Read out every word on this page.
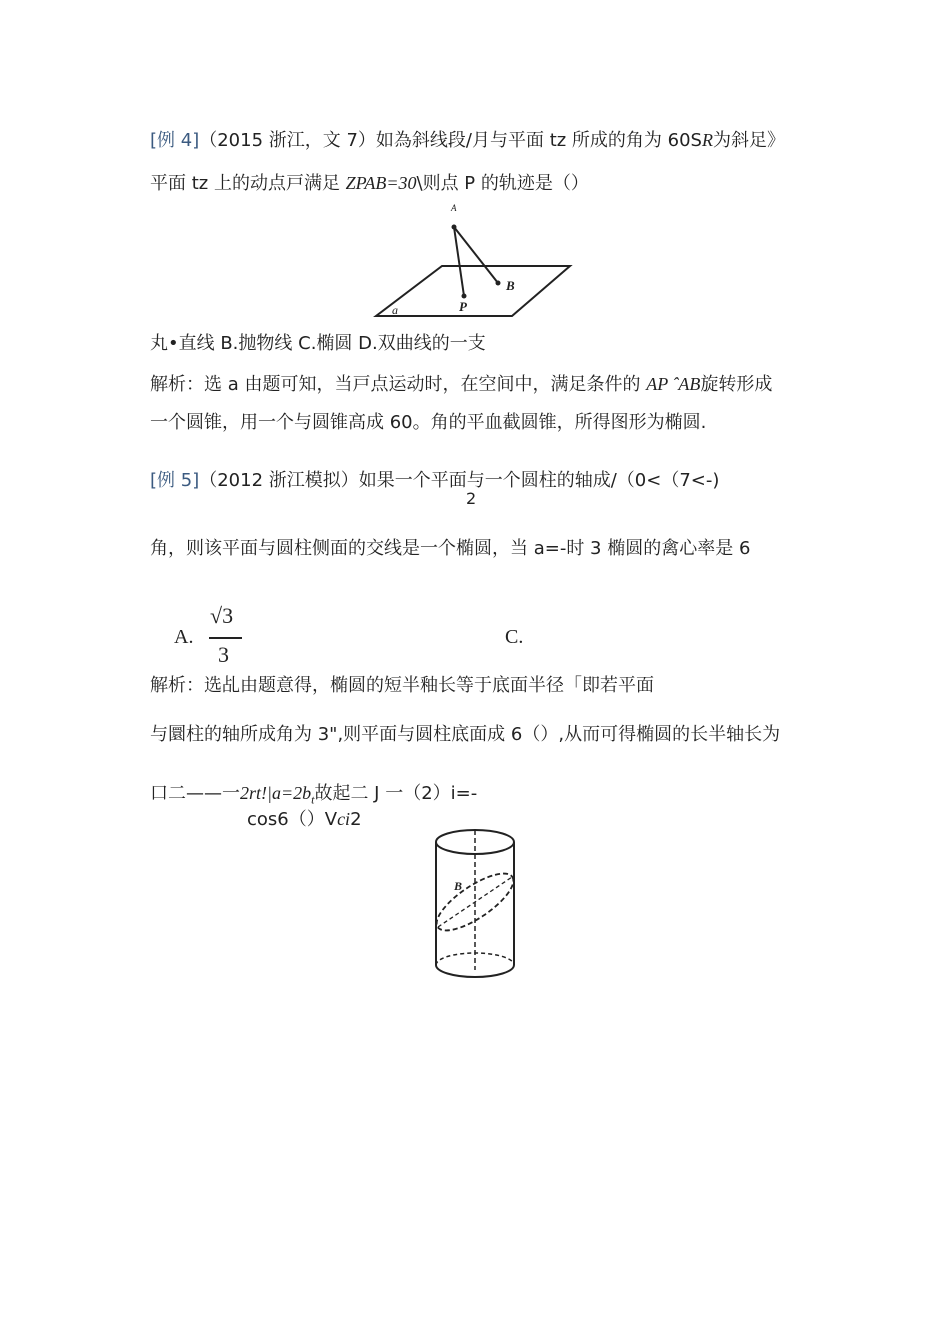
[例 4]（2015 浙江，文 7）如為斜线段/月与平面 tz 所成的角为 60SR为斜足》
平面 tz 上的动点戸满足 ZPAB=30\则点 P 的轨迹是（）
A
B
P
a
丸•直线 B.抛物线 C.椭圆 D.双曲线的一支
解析：选 a 由题可知，当戸点运动时，在空间中，满足条件的 AP ˆAB旋转形成
一个圆锥，用一个与圆锥高成 60。角的平血截圆锥，所得图形为椭圆.
[例 5]（2012 浙江模拟）如果一个平面与一个圆柱的轴成/（0<（7<-)
2
角，则该平面与圆柱侧面的交线是一个椭圆，当 a=-时 3 椭圆的禽心率是 6
A.
√3
3
C.
解析：选乩由题意得，椭圆的短半釉长等于底面半径「即若平面
与圜柱的轴所成角为 3",则平面与圆柱底面成 6（）,从而可得椭圆的长半轴长为
口二——一$2rt!|a=2b_t$故起二 J 一（2）i=-
cos6（）Vci2
B
